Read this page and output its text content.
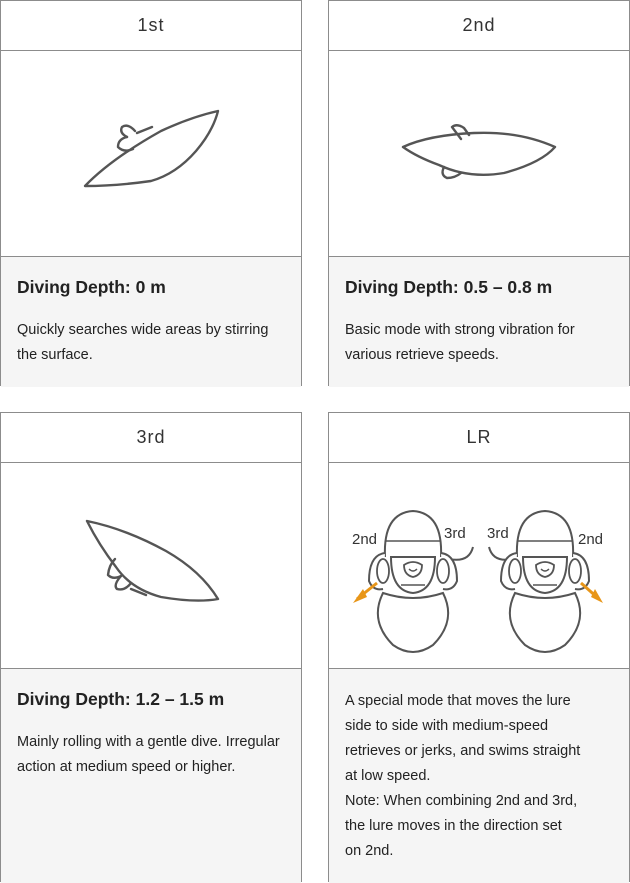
1st

Diving Depth: 0 m

Quickly searches wide areas by stirring the surface.

2nd

Diving Depth: 0.5 – 0.8 m

Basic mode with strong vibration for various retrieve speeds.

3rd

Diving Depth: 1.2 – 1.5 m

Mainly rolling with a gentle dive. Irregular action at medium speed or higher.

LR
2nd	3rd 3rd	2nd

A special mode that moves the lure
side to side with medium-speed
retrieves or jerks, and swims straight
at low speed.
Note: When combining 2nd and 3rd,
the lure moves in the direction set
on 2nd.
